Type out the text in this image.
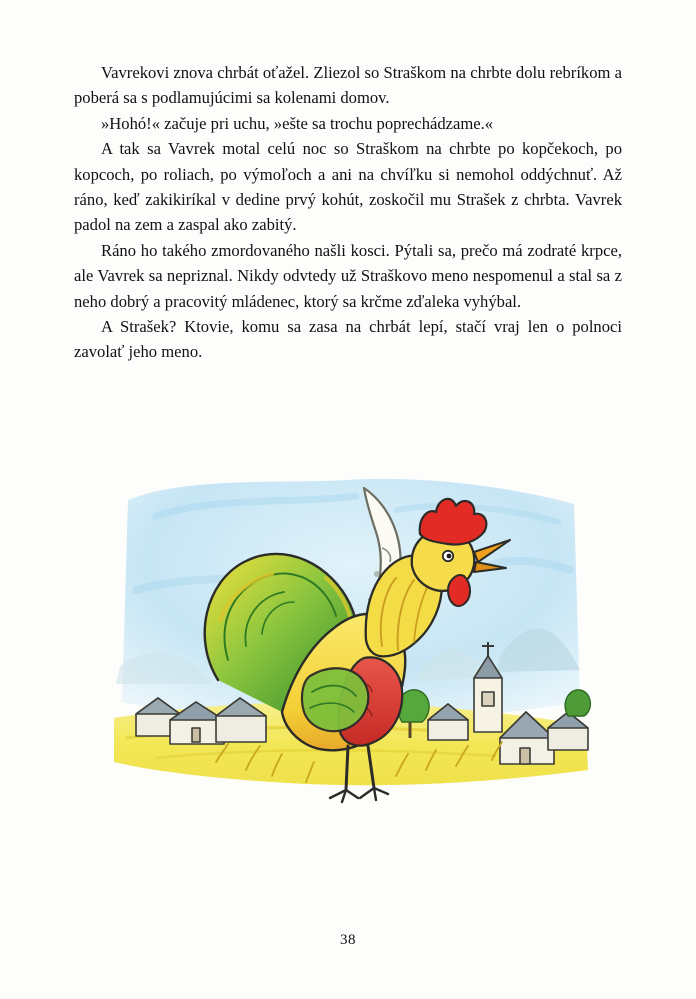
Vavrekovi znova chrbát oťažel. Zliezol so Straškom na chrbte dolu rebríkom a poberá sa s podlamujúcimi sa kolenami domov.

»Hohó!« začuje pri uchu, »ešte sa trochu poprechádzame.«

A tak sa Vavrek motal celú noc so Straškom na chrbte po kopčekoch, po kopcoch, po roliach, po výmoľoch a ani na chvíľku si nemohol oddýchnuť. Až ráno, keď zakikiríkal v dedine prvý kohút, zoskočil mu Strašek z chrbta. Vavrek padol na zem a zaspal ako zabitý.

Ráno ho takého zmordovaného našli kosci. Pýtali sa, prečo má zodraté krpce, ale Vavrek sa nepriznal. Nikdy odvtedy už Straškovo meno nespomenul a stal sa z neho dobrý a pracovitý mládenec, ktorý sa krčme zďaleka vyhýbal.

A Strašek? Ktovie, komu sa zasa na chrbát lepí, stačí vraj len o polnoci zavolať jeho meno.

38
